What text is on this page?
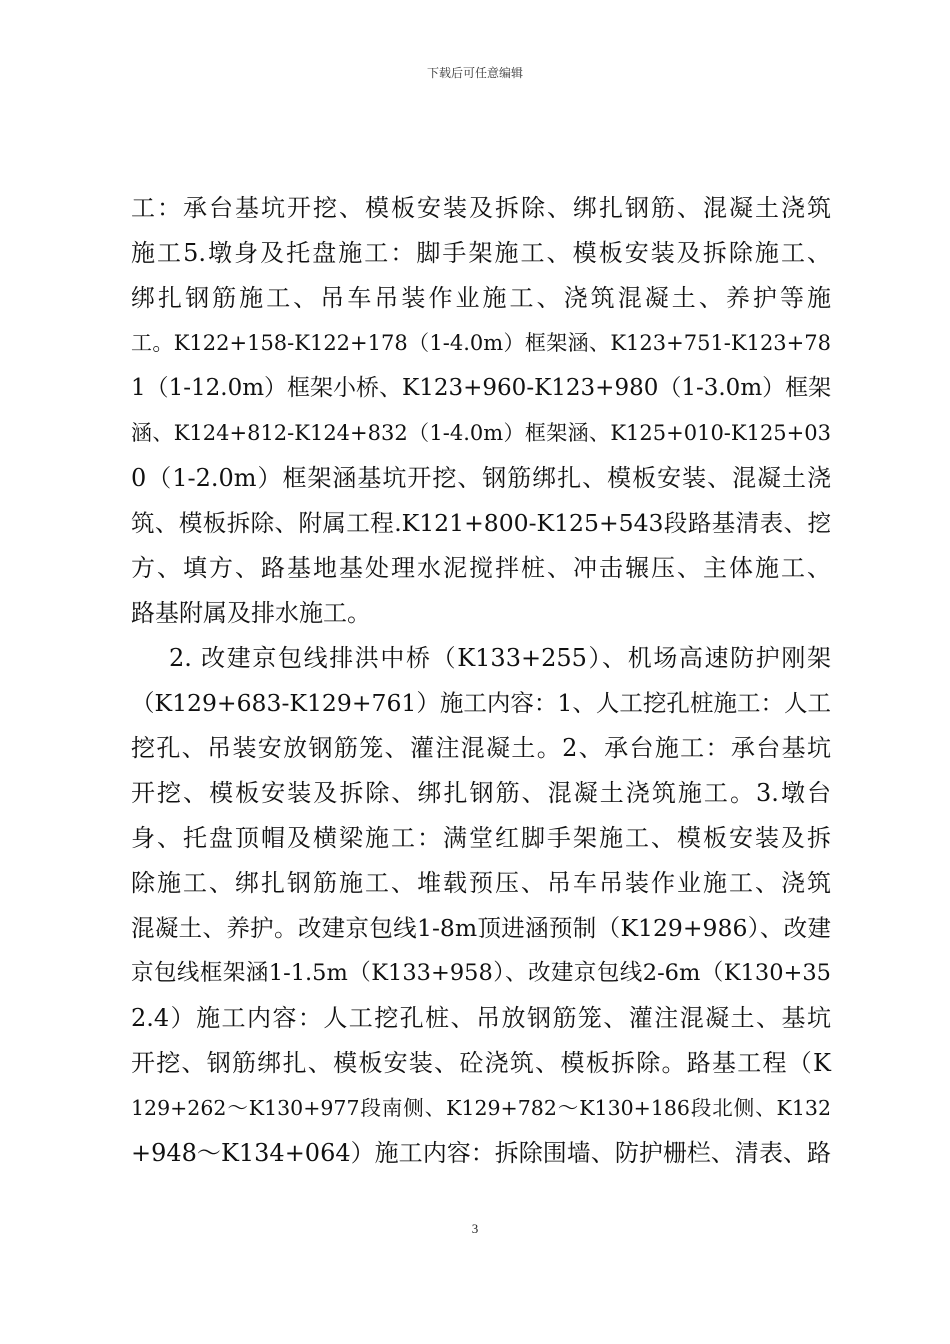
下载后可任意编辑
工：承台基坑开挖、模板安装及拆除、绑扎钢筋、混凝土浇筑
施工5.墩身及托盘施工：脚手架施工、模板安装及拆除施工、
绑扎钢筋施工、吊车吊装作业施工、浇筑混凝土、养护等施
工。K122+158-K122+178（1-4.0m）框架涵、K123+751-K123+78
1（1-12.0m）框架小桥、K123+960-K123+980（1-3.0m）框架
涵、K124+812-K124+832（1-4.0m）框架涵、K125+010-K125+03
0（1-2.0m）框架涵基坑开挖、钢筋绑扎、模板安装、混凝土浇
筑、模板拆除、附属工程.K121+800-K125+543段路基清表、挖
方、填方、路基地基处理水泥搅拌桩、冲击辗压、主体施工、
路基附属及排水施工。
2. 改建京包线排洪中桥（K133+255）、机场高速防护刚架
（K129+683-K129+761）施工内容：1、人工挖孔桩施工：人工
挖孔、吊装安放钢筋笼、灌注混凝土。2、承台施工：承台基坑
开挖、模板安装及拆除、绑扎钢筋、混凝土浇筑施工。3.墩台
身、托盘顶帽及横梁施工：满堂红脚手架施工、模板安装及拆
除施工、绑扎钢筋施工、堆载预压、吊车吊装作业施工、浇筑
混凝土、养护。改建京包线1-8m顶进涵预制（K129+986）、改建
京包线框架涵1-1.5m（K133+958）、改建京包线2-6m（K130+35
2.4）施工内容：人工挖孔桩、吊放钢筋笼、灌注混凝土、基坑
开挖、钢筋绑扎、模板安装、砼浇筑、模板拆除。路基工程（K
129+262～K130+977段南侧、K129+782～K130+186段北侧、K132
+948～K134+064）施工内容：拆除围墙、防护栅栏、清表、路
3
